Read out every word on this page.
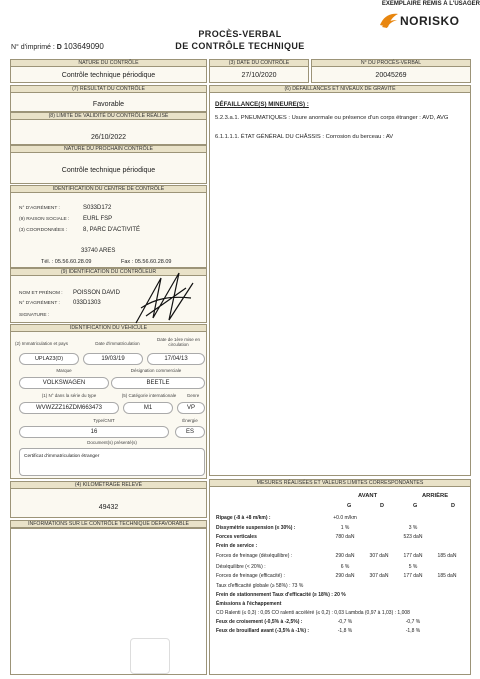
EXEMPLAIRE REMIS À L'USAGER
NORISKO
PROCÈS-VERBAL
DE CONTRÔLE TECHNIQUE
N° d'imprimé : D 103649090
NATURE DU CONTRÔLE
Contrôle technique périodique
(3) DATE DU CONTRÔLE
27/10/2020
N° DU PROCÈS-VERBAL
20045269
(7) RÉSULTAT DU CONTRÔLE
Favorable
(8) LIMITE DE VALIDITÉ DU CONTRÔLE RÉALISÉ
26/10/2022
NATURE DU PROCHAIN CONTRÔLE
Contrôle technique périodique
IDENTIFICATION DU CENTRE DE CONTRÔLE
N° D'AGRÉMENT :	S033D172
(9) RAISON SOCIALE : EURL FSP
(3) COORDONNÉES :	8, PARC D'ACTIVITÉ
33740 ARES
Tél. : 05.56.60.28.09	Fax : 05.56.60.28.09
(9) IDENTIFICATION DU CONTRÔLEUR
NOM ET PRÉNOM : POISSON DAVID
N° D'AGRÉMENT : 033D1303
SIGNATURE :
IDENTIFICATION DU VÉHICULE
(2) Immatriculation et pays	Date d'immatriculation
Date de 1ère mise en circulation
UPLA23(D)	19/03/19	17/04/13
Marque	Désignation commerciale
VOLKSWAGEN	BEETLE
(1) N° dans la série du type	(5) Catégorie internationale	Genre
WVWZZZ16ZDM663473	M1	VP
Type/CNIT	Énergie
16	ES
Document(s) présenté(s)
Certificat d'immatriculation étranger
(4) KILOMÉTRAGE RELEVÉ
49432
INFORMATIONS SUR LE CONTRÔLE TECHNIQUE DÉFAVORABLE
(6) DÉFAILLANCES ET NIVEAUX DE GRAVITÉ
DÉFAILLANCE(S) MINEURE(S) :
5.2.3.a.1. PNEUMATIQUES : Usure anormale ou présence d'un corps étranger : AVD, AVG
6.1.1.1.1. ÉTAT GÉNÉRAL DU CHÂSSIS : Corrosion du berceau : AV
MESURES RÉALISÉES ET VALEURS LIMITES CORRESPONDANTES
AVANT	ARRIÈRE
G	D	G	D
Ripage (-8 à +8 m/km) :	+0.0 m/km
Dissymétrie suspension (≤ 30%) :	1 %	3 %
Forces verticales	780 daN	523 daN
Frein de service :
Forces de freinage (déséquilibre) :	290 daN	307 daN	177 daN	185 daN
Déséquilibre (< 20%) :	6 %	5 %
Forces de freinage (efficacité) :	290 daN	307 daN	177 daN	185 daN
Taux d'efficacité globale (≥ 58%) : 73 %
Frein de stationnement Taux d'efficacité (≥ 18%) : 20 %
Émissions à l'échappement
CO Ralenti (≤ 0,3) : 0,05 CO ralenti accéléré (≤ 0,2) : 0,03 Lambda (0,97 à 1,03) : 1,008
Feux de croisement (-0,5% à -2,5%) :	-0,7 %	-0,7 %
Feux de brouillard avant (-3,5% à -1%) :	-1,8 %	-1,8 %
